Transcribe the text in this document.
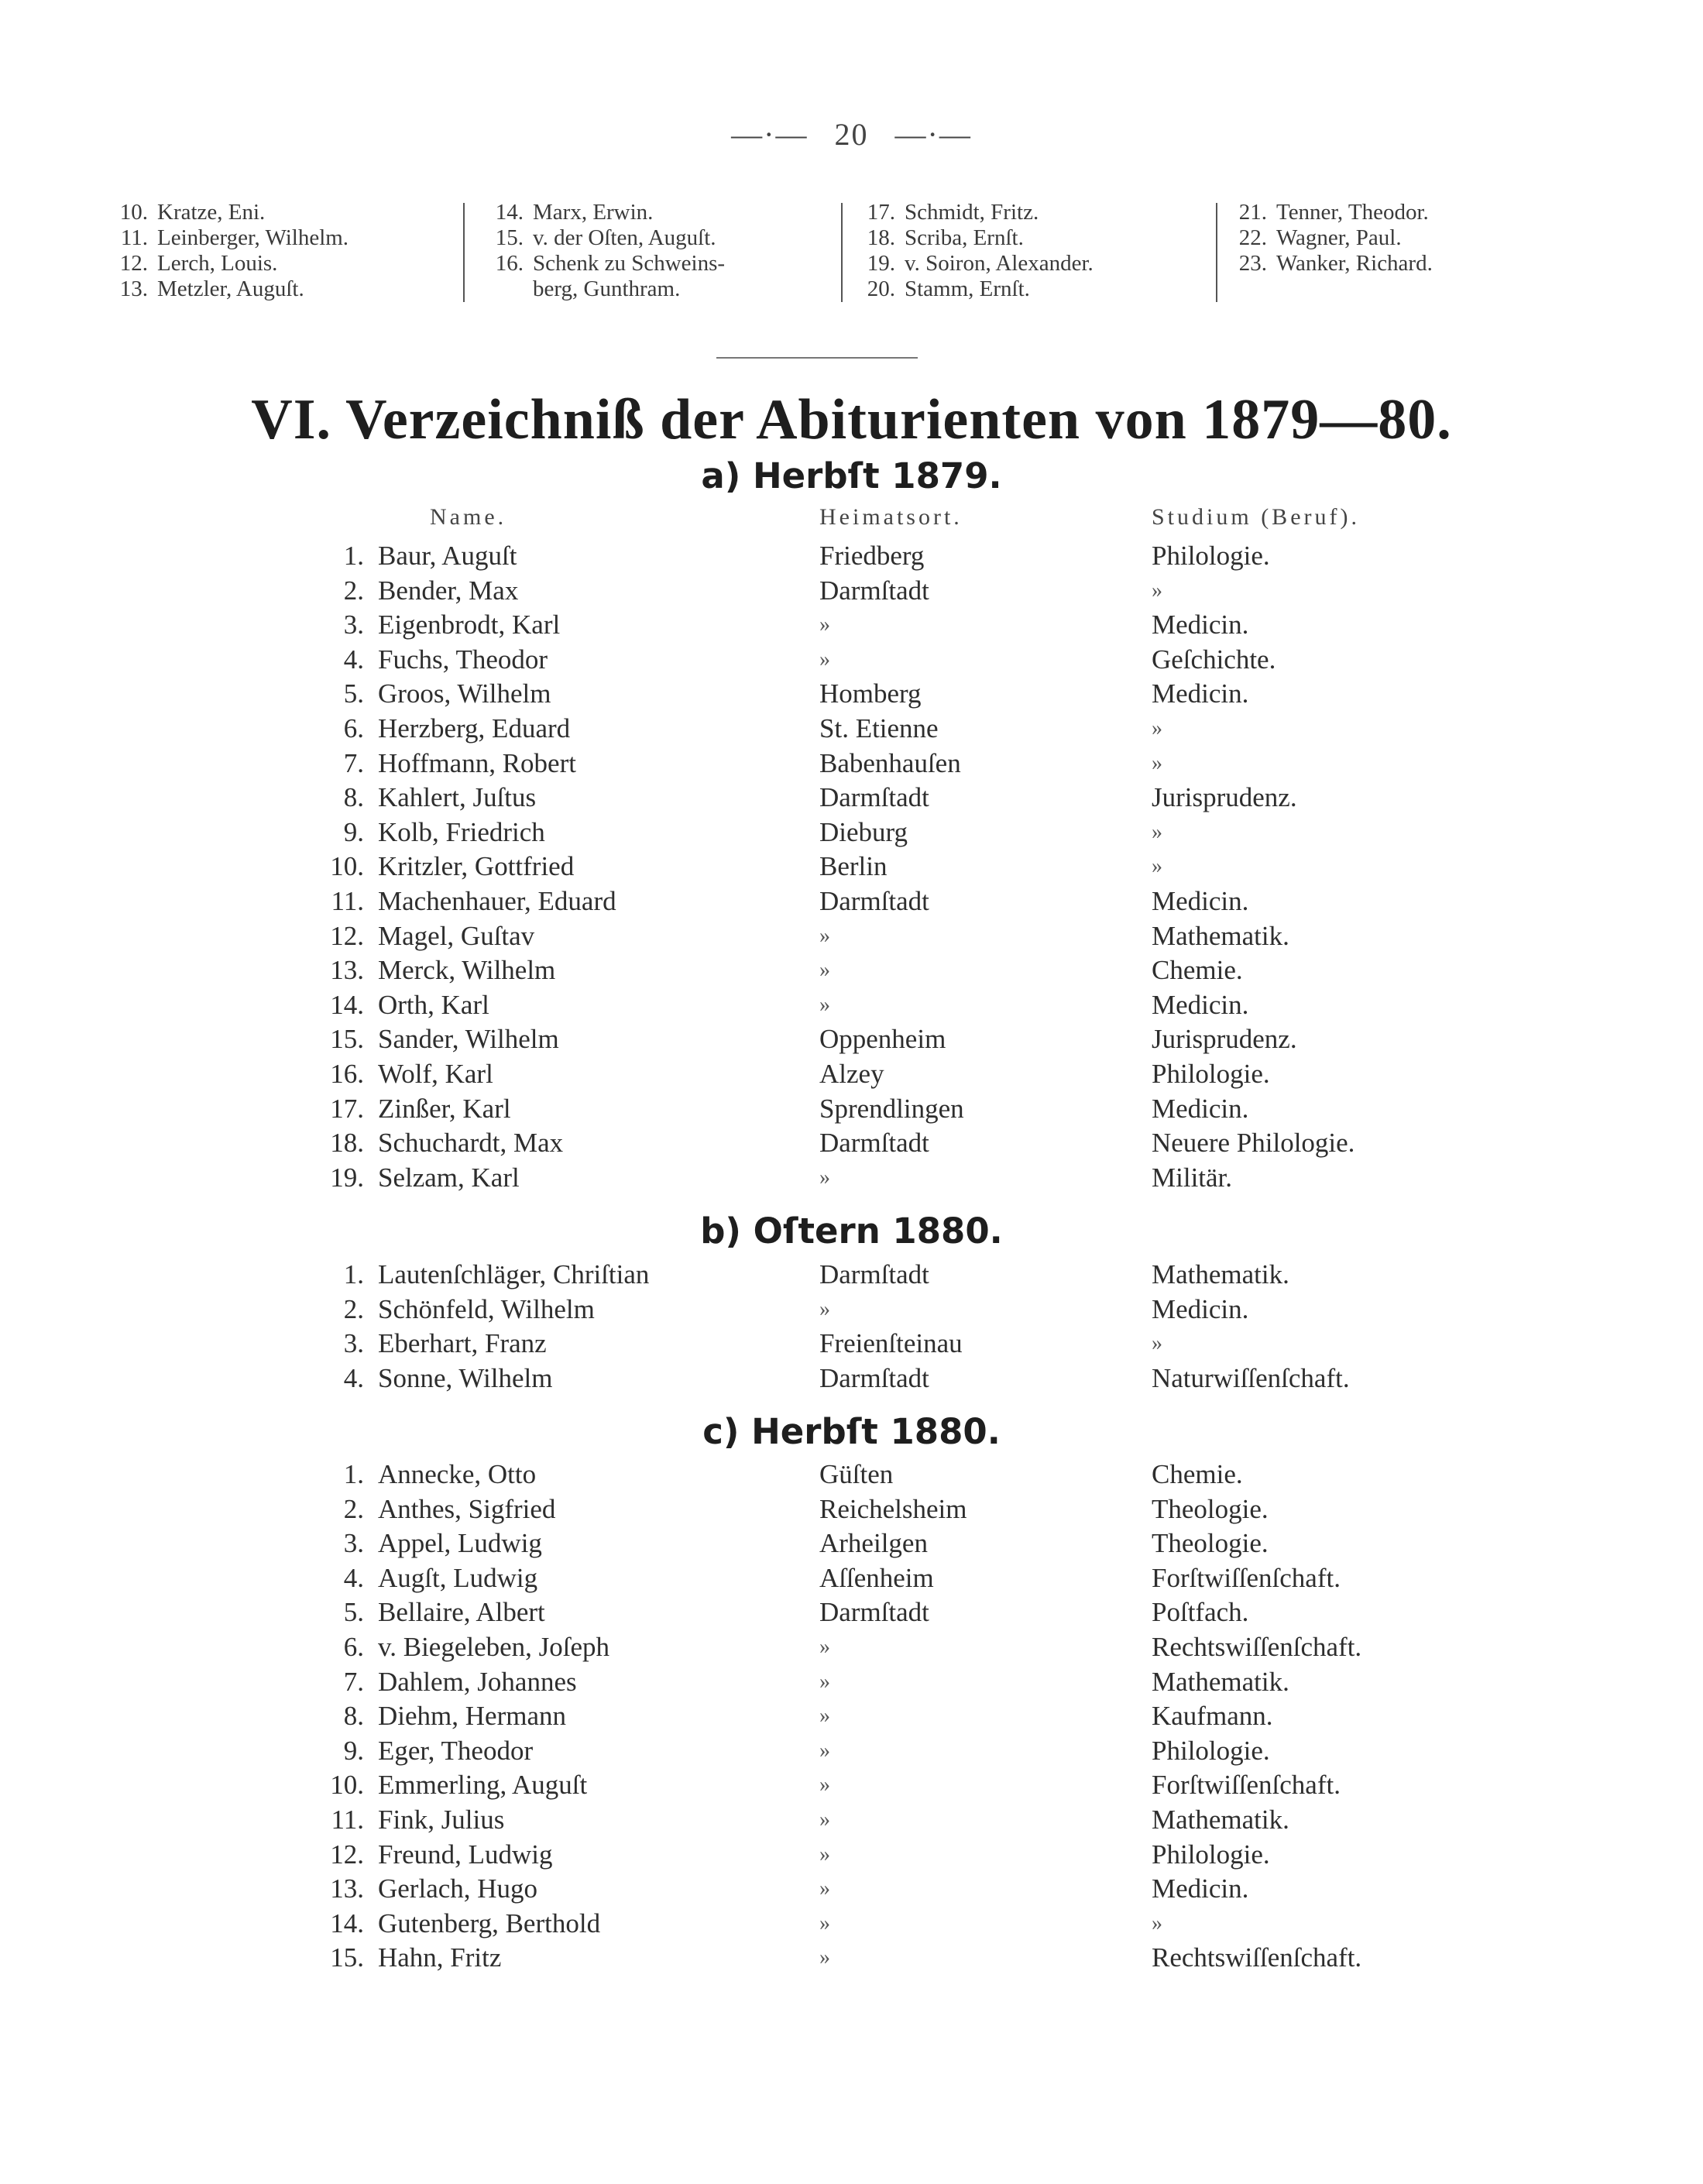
—·— 20 —·—
10. Kratze, Eni.
11. Leinberger, Wilhelm.
12. Lerch, Louis.
13. Metzler, Auguſt.
14. Marx, Erwin.
15. v. der Oſten, Auguſt.
16. Schenk zu Schweins-
berg, Gunthram.
17. Schmidt, Fritz.
18. Scriba, Ernſt.
19. v. Soiron, Alexander.
20. Stamm, Ernſt.
21. Tenner, Theodor.
22. Wagner, Paul.
23. Wanker, Richard.
VI. Verzeichniß der Abiturienten von 1879—80.
a) Herbſt 1879.
Name.	Heimatsort.	Studium (Beruf).
1. Baur, Auguſt	Friedberg	Philologie.
2. Bender, Max	Darmſtadt	»
3. Eigenbrodt, Karl	»	Medicin.
4. Fuchs, Theodor	»	Geſchichte.
5. Groos, Wilhelm	Homberg	Medicin.
6. Herzberg, Eduard	St. Etienne	»
7. Hoffmann, Robert	Babenhauſen	»
8. Kahlert, Juſtus	Darmſtadt	Jurisprudenz.
9. Kolb, Friedrich	Dieburg	»
10. Kritzler, Gottfried	Berlin	»
11. Machenhauer, Eduard	Darmſtadt	Medicin.
12. Magel, Guſtav	»	Mathematik.
13. Merck, Wilhelm	»	Chemie.
14. Orth, Karl	»	Medicin.
15. Sander, Wilhelm	Oppenheim	Jurisprudenz.
16. Wolf, Karl	Alzey	Philologie.
17. Zinßer, Karl	Sprendlingen	Medicin.
18. Schuchardt, Max	Darmſtadt	Neuere Philologie.
19. Selzam, Karl	»	Militär.
b) Oſtern 1880.
1. Lautenſchläger, Chriſtian	Darmſtadt	Mathematik.
2. Schönfeld, Wilhelm	»	Medicin.
3. Eberhart, Franz	Freienſteinau	»
4. Sonne, Wilhelm	Darmſtadt	Naturwiſſenſchaft.
c) Herbſt 1880.
1. Annecke, Otto	Güſten	Chemie.
2. Anthes, Sigfried	Reichelsheim	Theologie.
3. Appel, Ludwig	Arheilgen	Theologie.
4. Augſt, Ludwig	Aſſenheim	Forſtwiſſenſchaft.
5. Bellaire, Albert	Darmſtadt	Poſtfach.
6. v. Biegeleben, Joſeph	»	Rechtswiſſenſchaft.
7. Dahlem, Johannes	»	Mathematik.
8. Diehm, Hermann	»	Kaufmann.
9. Eger, Theodor	»	Philologie.
10. Emmerling, Auguſt	»	Forſtwiſſenſchaft.
11. Fink, Julius	»	Mathematik.
12. Freund, Ludwig	»	Philologie.
13. Gerlach, Hugo	»	Medicin.
14. Gutenberg, Berthold	»	»
15. Hahn, Fritz	»	Rechtswiſſenſchaft.
